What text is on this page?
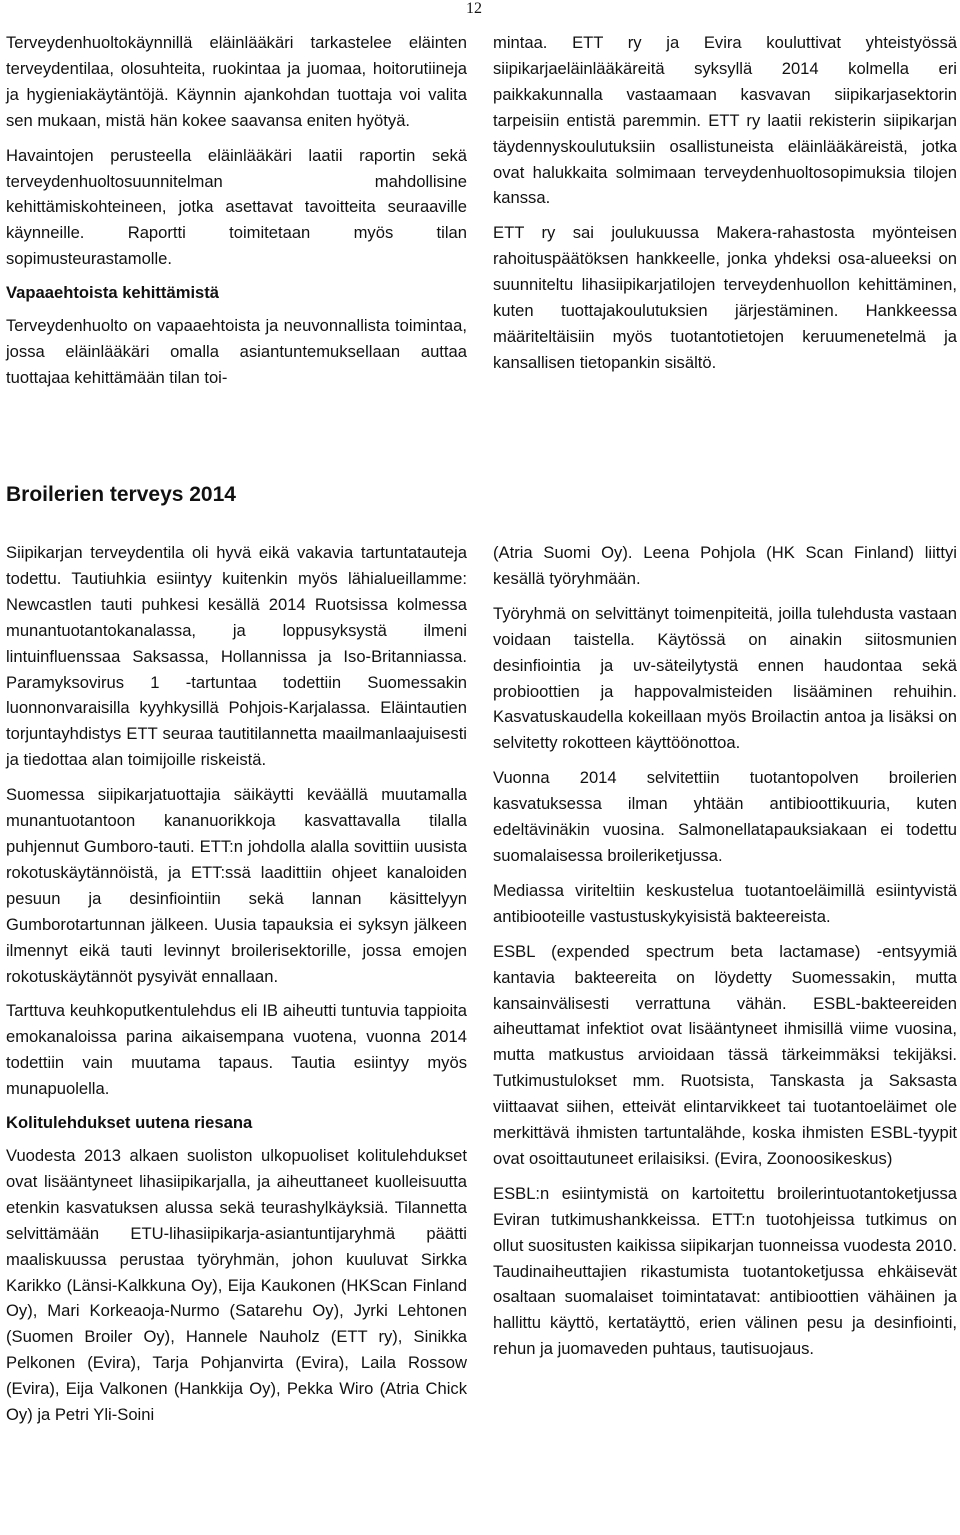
12

Terveydenhuoltokäynnillä eläinlääkäri tarkastelee eläinten terveydentilaa, olosuhteita, ruokintaa ja juomaa, hoitorutiineja ja hygieniakäytäntöjä. Käynnin ajankohdan tuottaja voi valita sen mukaan, mistä hän kokee saavansa eniten hyötyä.

Havaintojen perusteella eläinlääkäri laatii raportin sekä terveydenhuoltosuunnitelman mahdollisine kehittämiskohteineen, jotka asettavat tavoitteita seuraaville käynneille. Raportti toimitetaan myös tilan sopimusteurastamolle.

Vapaaehtoista kehittämistä

Terveydenhuolto on vapaaehtoista ja neuvonnallista toimintaa, jossa eläinlääkäri omalla asiantuntemuksellaan auttaa tuottajaa kehittämään tilan toi-

mintaa. ETT ry ja Evira kouluttivat yhteistyössä siipikarjaeläinlääkäreitä syksyllä 2014 kolmella eri paikkakunnalla vastaamaan kasvavan siipikarjasektorin tarpeisiin entistä paremmin. ETT ry laatii rekisterin siipikarjan täydennyskoulutuksiin osallistuneista eläinlääkäreistä, jotka ovat halukkaita solmimaan terveydenhuoltosopimuksia tilojen kanssa.

ETT ry sai joulukuussa Makera-rahastosta myönteisen rahoituspäätöksen hankkeelle, jonka yhdeksi osa-alueeksi on suunniteltu lihasiipikarjatilojen terveydenhuollon kehittäminen, kuten tuottajakoulutuksien järjestäminen. Hankkeessa määriteltäisiin myös tuotantotietojen keruumenetelmä ja kansallisen tietopankin sisältö.

Broilerien terveys 2014

Siipikarjan terveydentila oli hyvä eikä vakavia tartuntatauteja todettu. Tautiuhkia esiintyy kuitenkin myös lähialueillamme: Newcastlen tauti puhkesi kesällä 2014 Ruotsissa kolmessa munantuotantokanalassa, ja loppusyksystä ilmeni lintuinfluenssaa Saksassa, Hollannissa ja Iso-Britanniassa. Paramyksovirus 1 -tartuntaa todettiin Suomessakin luonnonvaraisilla kyyhkysillä Pohjois-Karjalassa. Eläintautien torjuntayhdistys ETT seuraa tautitilannetta maailmanlaajuisesti ja tiedottaa alan toimijoille riskeistä.

Suomessa siipikarjatuottajia säikäytti keväällä muutamalla munantuotantoon kananuorikkoja kasvattavalla tilalla puhjennut Gumboro-tauti. ETT:n johdolla alalla sovittiin uusista rokotuskäytännöistä, ja ETT:ssä laadittiin ohjeet kanaloiden pesuun ja desinfiointiin sekä lannan käsittelyyn Gumborotartunnan jälkeen. Uusia tapauksia ei syksyn jälkeen ilmennyt eikä tauti levinnyt broilerisektorille, jossa emojen rokotuskäytännöt pysyivät ennallaan.

Tarttuva keuhkoputkentulehdus eli IB aiheutti tuntuvia tappioita emokanaloissa parina aikaisempana vuotena, vuonna 2014 todettiin vain muutama tapaus. Tautia esiintyy myös munapuolella.

Kolitulehdukset uutena riesana

Vuodesta 2013 alkaen suoliston ulkopuoliset kolitulehdukset ovat lisääntyneet lihasiipikarjalla, ja aiheuttaneet kuolleisuutta etenkin kasvatuksen alussa sekä teurashylkäyksiä. Tilannetta selvittämään ETU-lihasiipikarja-asiantuntijaryhmä päätti maaliskuussa perustaa työryhmän, johon kuuluvat Sirkka Karikko (Länsi-Kalkkuna Oy), Eija Kaukonen (HKScan Finland Oy), Mari Korkeaoja-Nurmo (Satarehu Oy), Jyrki Lehtonen (Suomen Broiler Oy), Hannele Nauholz (ETT ry), Sinikka Pelkonen (Evira), Tarja Pohjanvirta (Evira), Laila Rossow (Evira), Eija Valkonen (Hankkija Oy), Pekka Wiro (Atria Chick Oy) ja Petri Yli-Soini

(Atria Suomi Oy). Leena Pohjola (HK Scan Finland) liittyi kesällä työryhmään.

Työryhmä on selvittänyt toimenpiteitä, joilla tulehdusta vastaan voidaan taistella. Käytössä on ainakin siitosmunien desinfiointia ja uv-säteilytystä ennen haudontaa sekä probioottien ja happovalmisteiden lisääminen rehuihin. Kasvatuskaudella kokeillaan myös Broilactin antoa ja lisäksi on selvitetty rokotteen käyttöönottoa.

Vuonna 2014 selvitettiin tuotantopolven broilerien kasvatuksessa ilman yhtään antibioottikuuria, kuten edeltävinäkin vuosina. Salmonellatapauksiakaan ei todettu suomalaisessa broileriketjussa.

Mediassa viriteltiin keskustelua tuotantoeläimillä esiintyvistä antibiooteille vastustuskykyisistä bakteereista.

ESBL (expended spectrum beta lactamase) -entsyymiä kantavia bakteereita on löydetty Suomessakin, mutta kansainvälisesti verrattuna vähän. ESBL-bakteereiden aiheuttamat infektiot ovat lisääntyneet ihmisillä viime vuosina, mutta matkustus arvioidaan tässä tärkeimmäksi tekijäksi. Tutkimustulokset mm. Ruotsista, Tanskasta ja Saksasta viittaavat siihen, etteivät elintarvikkeet tai tuotantoeläimet ole merkittävä ihmisten tartuntalähde, koska ihmisten ESBL-tyypit ovat osoittautuneet erilaisiksi. (Evira, Zoonoosikeskus)

ESBL:n esiintymistä on kartoitettu broilerintuotantoketjussa Eviran tutkimushankkeissa. ETT:n tuotohjeissa tutkimus on ollut suositusten kaikissa siipikarjan tuonneissa vuodesta 2010. Taudinaiheuttajien rikastumista tuotantoketjussa ehkäisevät osaltaan suomalaiset toimintatavat: antibioottien vähäinen ja hallittu käyttö, kertatäyttö, erien välinen pesu ja desinfiointi, rehun ja juomaveden puhtaus, tautisuojaus.
